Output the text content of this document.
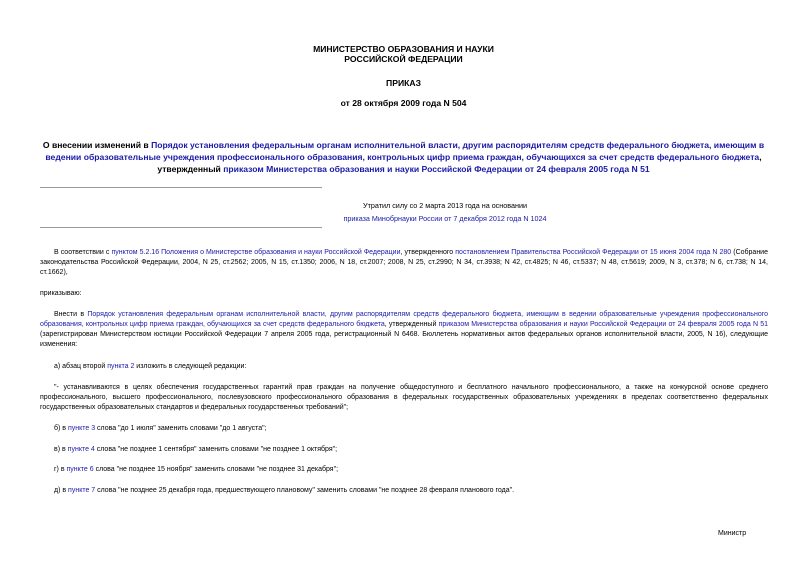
МИНИСТЕРСТВО ОБРАЗОВАНИЯ И НАУКИ
РОССИЙСКОЙ ФЕДЕРАЦИИ
ПРИКАЗ
от 28 октября 2009 года N 504
О внесении изменений в Порядок установления федеральным органам исполнительной власти, другим распорядителям средств федерального бюджета, имеющим в ведении образовательные учреждения профессионального образования, контрольных цифр приема граждан, обучающихся за счет средств федерального бюджета, утвержденный приказом Министерства образования и науки Российской Федерации от 24 февраля 2005 года N 51
Утратил силу со 2 марта 2013 года на основании
приказа Минобрнауки России от 7 декабря 2012 года N 1024
В соответствии с пунктом 5.2.16 Положения о Министерстве образования и науки Российской Федерации, утвержденного постановлением Правительства Российской Федерации от 15 июня 2004 года N 280 (Собрание законодательства Российской Федерации, 2004, N 25, ст.2562; 2005, N 15, ст.1350; 2006, N 18, ст.2007; 2008, N 25, ст.2990; N 34, ст.3938; N 42, ст.4825; N 46, ст.5337; N 48, ст.5619; 2009, N 3, ст.378; N 6, ст.738; N 14, ст.1662),
приказываю:
Внести в Порядок установления федеральным органам исполнительной власти, другим распорядителям средств федерального бюджета, имеющим в ведении образовательные учреждения профессионального образования, контрольных цифр приема граждан, обучающихся за счет средств федерального бюджета, утвержденный приказом Министерства образования и науки Российской Федерации от 24 февраля 2005 года N 51 (зарегистрирован Министерством юстиции Российской Федерации 7 апреля 2005 года, регистрационный N 6468. Бюллетень нормативных актов федеральных органов исполнительной власти, 2005, N 16), следующие изменения:
а) абзац второй пункта 2 изложить в следующей редакции:
"- устанавливаются в целях обеспечения государственных гарантий прав граждан на получение общедоступного и бесплатного начального профессионального, а также на конкурсной основе среднего профессионального, высшего профессионального, послевузовского профессионального образования в федеральных государственных образовательных учреждениях в пределах соответственно федеральных государственных образовательных стандартов и федеральных государственных требований";
б) в пункте 3 слова "до 1 июля" заменить словами "до 1 августа";
в) в пункте 4 слова "не позднее 1 сентября" заменить словами "не позднее 1 октября";
г) в пункте 6 слова "не позднее 15 ноября" заменить словами "не позднее 31 декабря";
д) в пункте 7 слова "не позднее 25 декабря года, предшествующего плановому" заменить словами "не позднее 28 февраля планового года".
Министр
